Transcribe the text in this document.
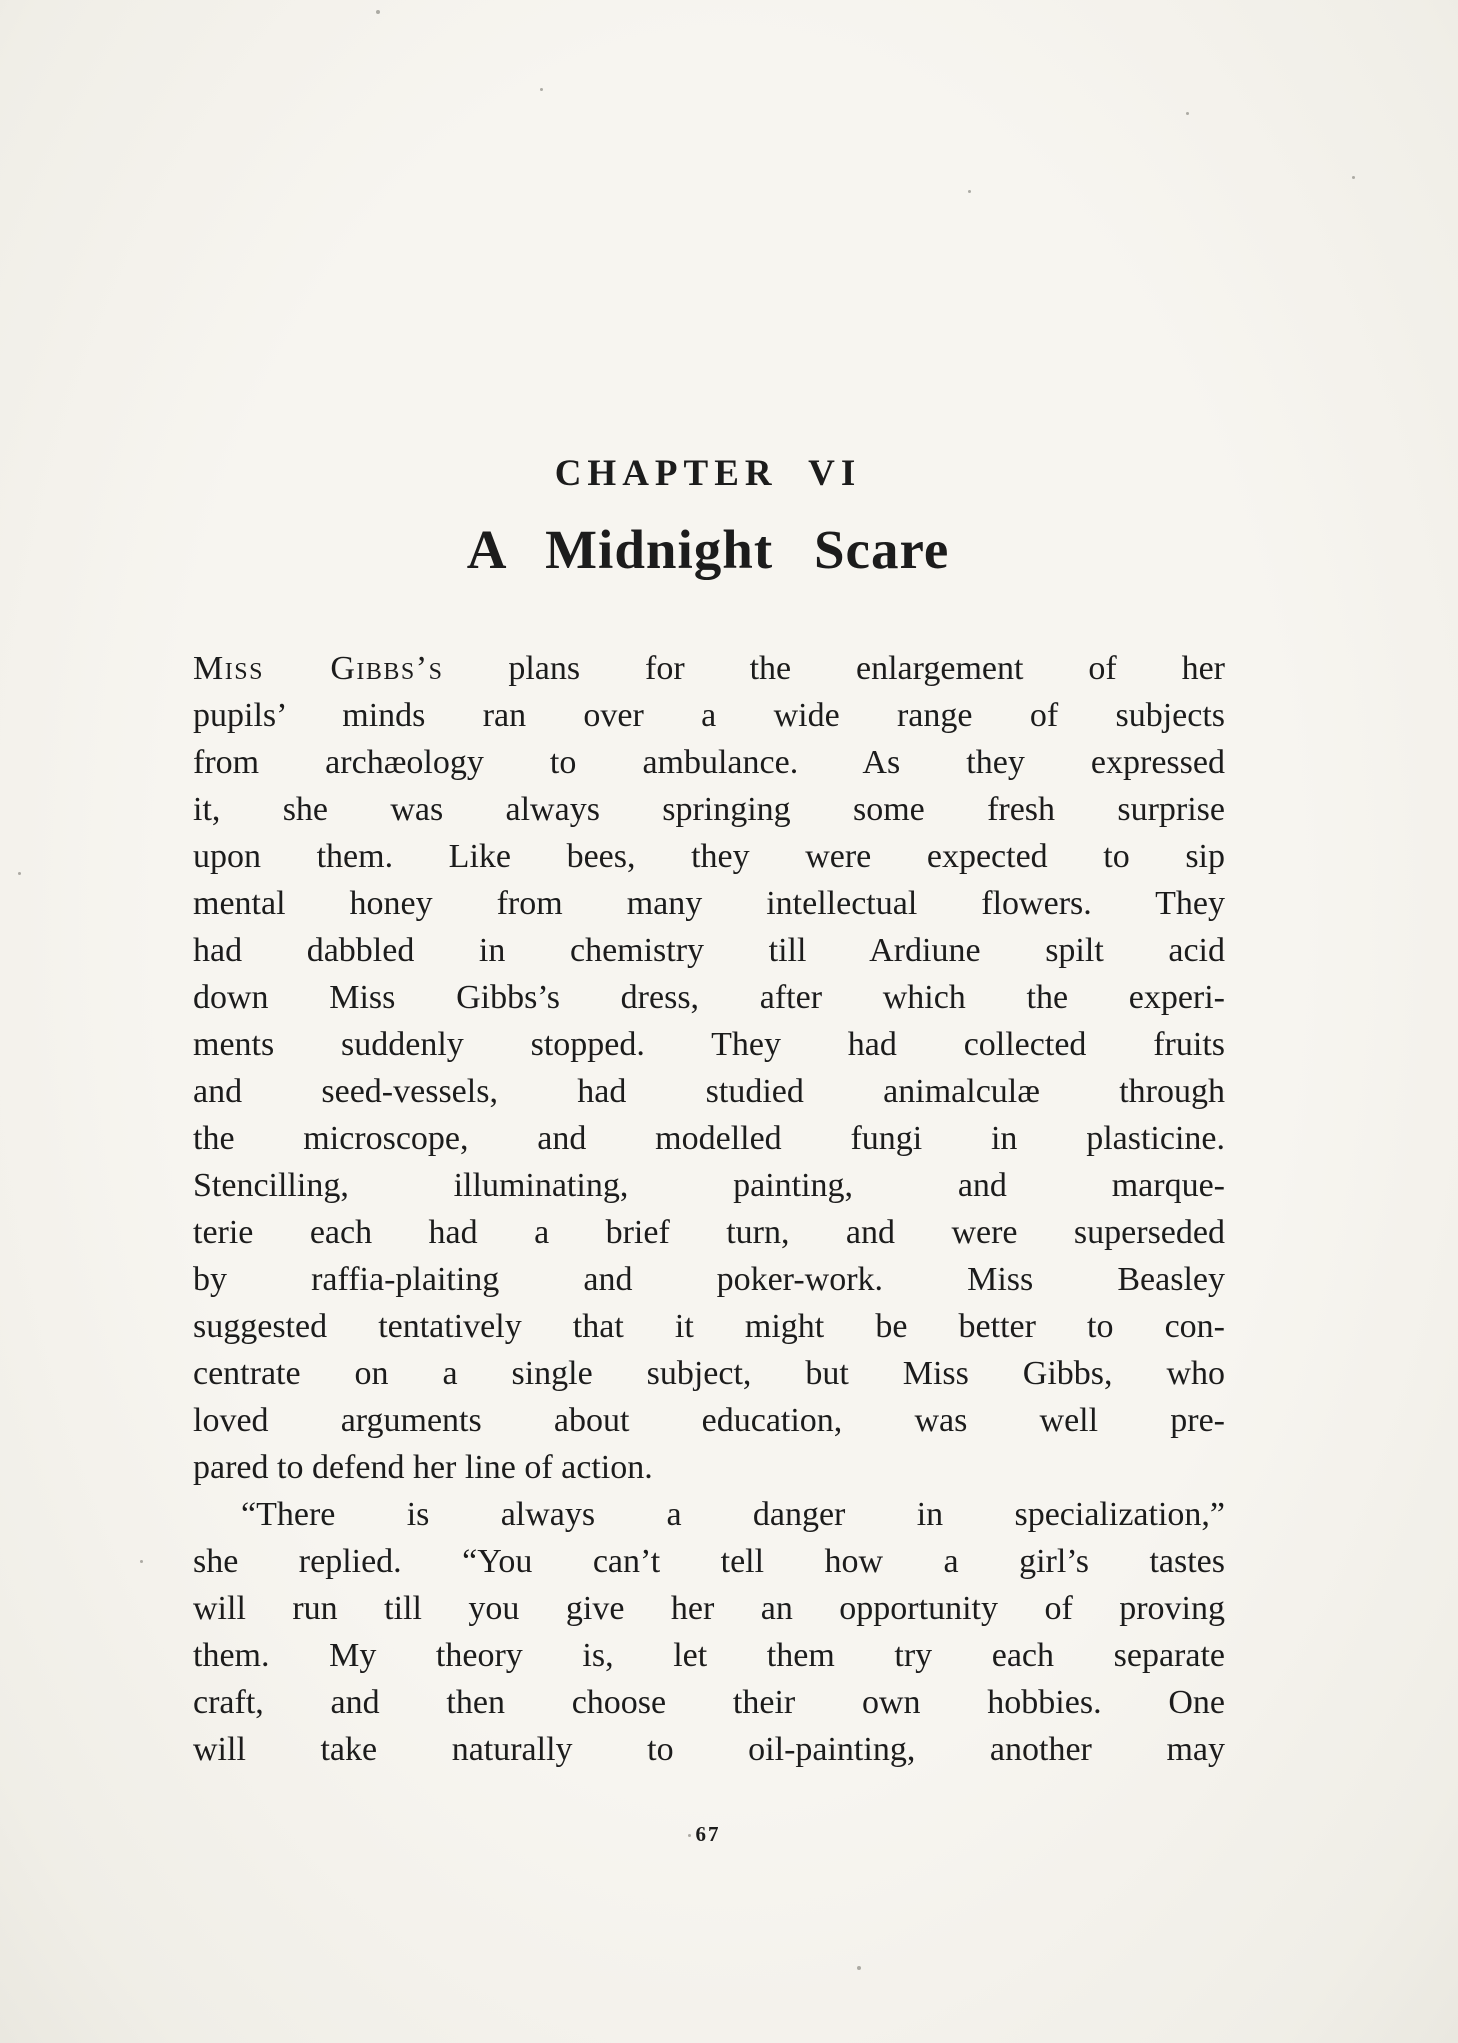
CHAPTER VI
A Midnight Scare
Miss Gibbs’s plans for the enlargement of her
pupils’ minds ran over a wide range of subjects
from archæology to ambulance. As they expressed
it, she was always springing some fresh surprise
upon them. Like bees, they were expected to sip
mental honey from many intellectual flowers. They
had dabbled in chemistry till Ardiune spilt acid
down Miss Gibbs’s dress, after which the experi-
ments suddenly stopped. They had collected fruits
and seed-vessels, had studied animalculæ through
the microscope, and modelled fungi in plasticine.
Stencilling, illuminating, painting, and marque-
terie each had a brief turn, and were superseded
by raffia-plaiting and poker-work. Miss Beasley
suggested tentatively that it might be better to con-
centrate on a single subject, but Miss Gibbs, who
loved arguments about education, was well pre-
pared to defend her line of action.
“There is always a danger in specialization,”
she replied. “You can’t tell how a girl’s tastes
will run till you give her an opportunity of proving
them. My theory is, let them try each separate
craft, and then choose their own hobbies. One
will take naturally to oil-painting, another may
67
